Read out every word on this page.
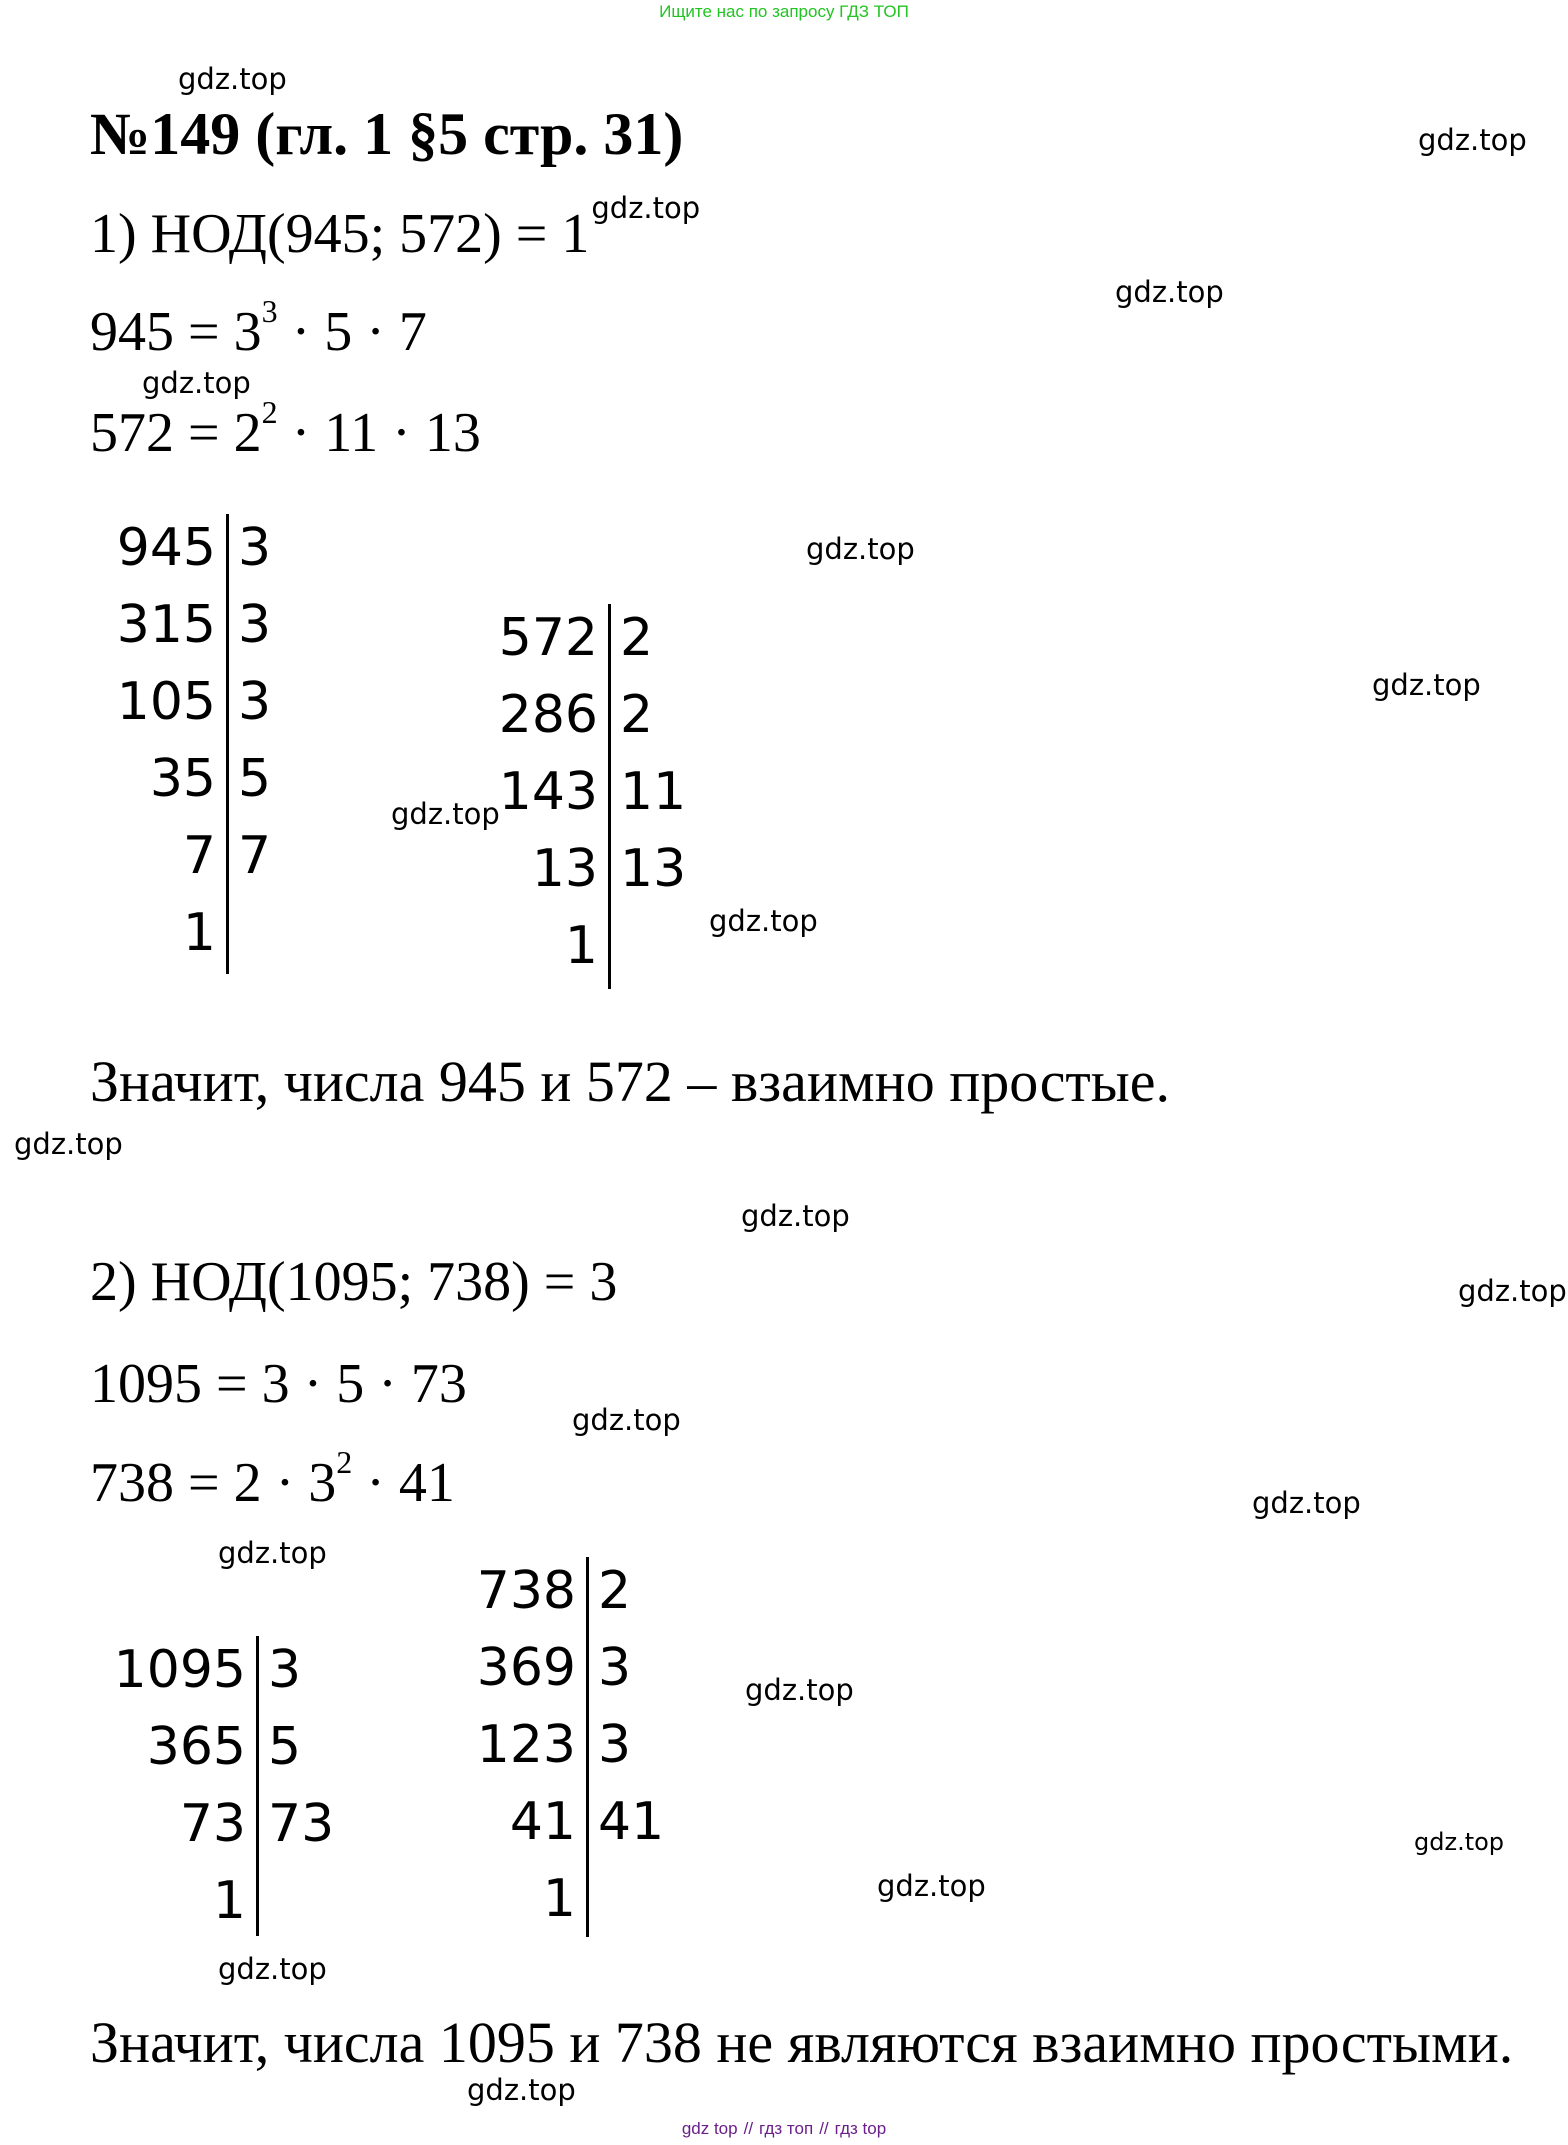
Ищите нас по запросу ГДЗ ТОП
№149 (гл. 1 §5 стр. 31)
1) НОД(945; $572) = 1^{gdz.top}$
$945 = 3^3 \cdot 5 \cdot 7$
$572 = 2^2 \cdot 11 \cdot 13$
945 3
315 3
105 3
35 5
7 7
1
572 2
286 2
143 11
13 13
1
Значит, числа 945 и 572 – взаимно простые.
2) НОД(1095; 738) = 3
1095 = 3 · 5 · 73
$738 = 2 \cdot 3^2 \cdot 41$
1095 3
365 5
73 73
1
738 2
369 3
123 3
41 41
1
Значит, числа 1095 и 738 не являются взаимно простыми.
gdz.top
gdz.top
gdz.top
gdz.top
gdz.top
gdz.top
gdz.top
gdz.top
gdz.top
gdz.top
gdz.top
gdz.top
gdz.top
gdz.top
gdz.top
gdz.top
gdz.top
gdz.top
gdz.top
gdz top // гдз топ // гдз top
